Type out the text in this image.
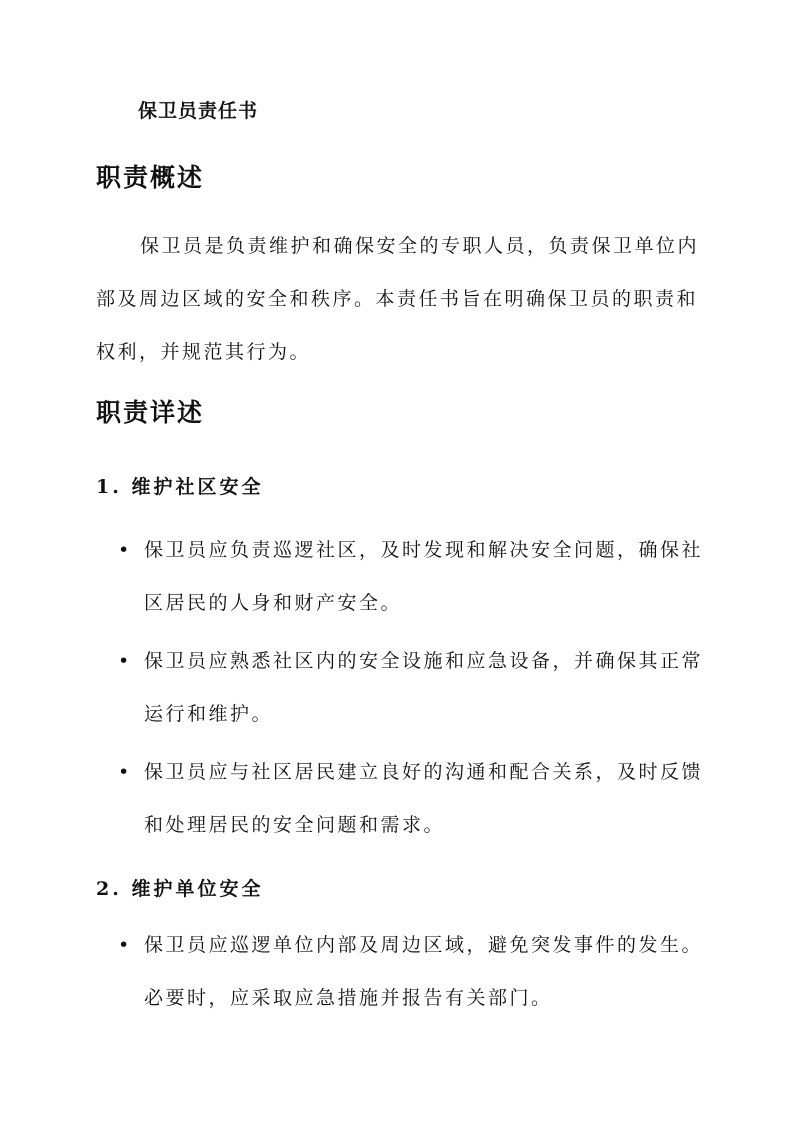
保卫员责任书
职责概述

保卫员是负责维护和确保安全的专职人员，负责保卫单位内部及周边区域的安全和秩序。本责任书旨在明确保卫员的职责和权利，并规范其行为。

职责详述
1. 维护社区安全
• 保卫员应负责巡逻社区，及时发现和解决安全问题，确保社区居民的人身和财产安全。

• 保卫员应熟悉社区内的安全设施和应急设备，并确保其正常运行和维护。

• 保卫员应与社区居民建立良好的沟通和配合关系，及时反馈和处理居民的安全问题和需求。

2. 维护单位安全
• 保卫员应巡逻单位内部及周边区域，避免突发事件的发生。必要时，应采取应急措施并报告有关部门。
